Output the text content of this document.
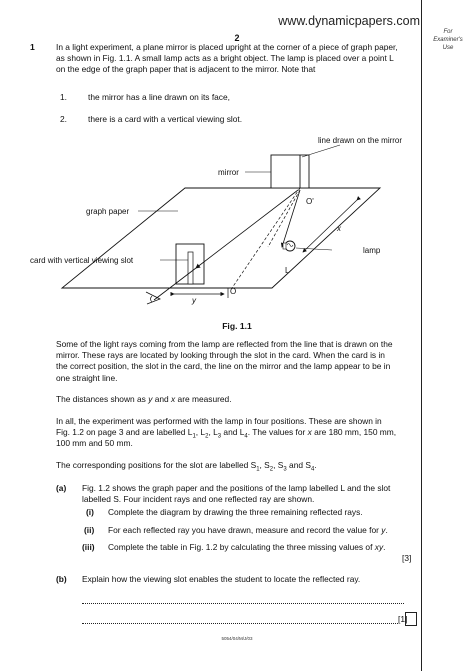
www.dynamicpapers.com
2
For
Examiner's
Use
1	In a light experiment, a plane mirror is placed upright at the corner of a piece of graph paper,
as shown in Fig. 1.1. A small lamp acts as a bright object. The lamp is placed over a point L
on the edge of the graph paper that is adjacent to the mirror. Note that
1.	the mirror has a line drawn on its face,
2.	there is a card with a vertical viewing slot.
line drawn on the mirror
mirror
O'
graph paper
x
lamp
card with vertical viewing slot
L
O
y
Fig. 1.1
Some of the light rays coming from the lamp are reflected from the line that is drawn on the
mirror. These rays are located by looking through the slot in the card. When the card is in
the correct position, the slot in the card, the line on the mirror and the lamp appear to be in
one straight line.
The distances shown as y and x are measured.
In all, the experiment was performed with the lamp in four positions. These are shown in
Fig. 1.2 on page 3 and are labelled $L_1$, $L_2$, $L_3$ and $L_4$. The values for x are 180 mm, 150 mm,
100 mm and 50 mm.
The corresponding positions for the slot are labelled $S_1$, $S_2$, $S_3$ and $S_4$.
(a) Fig. 1.2 shows the graph paper and the positions of the lamp labelled L and the slot
labelled S. Four incident rays and one reflected ray are shown.
(i) Complete the diagram by drawing the three remaining reflected rays.
(ii) For each reflected ray you have drawn, measure and record the value for y.
(iii) Complete the table in Fig. 1.2 by calculating the three missing values of xy.
[3]
(b) Explain how the viewing slot enables the student to locate the reflected ray.
[1]
5054/04/M/J/03
